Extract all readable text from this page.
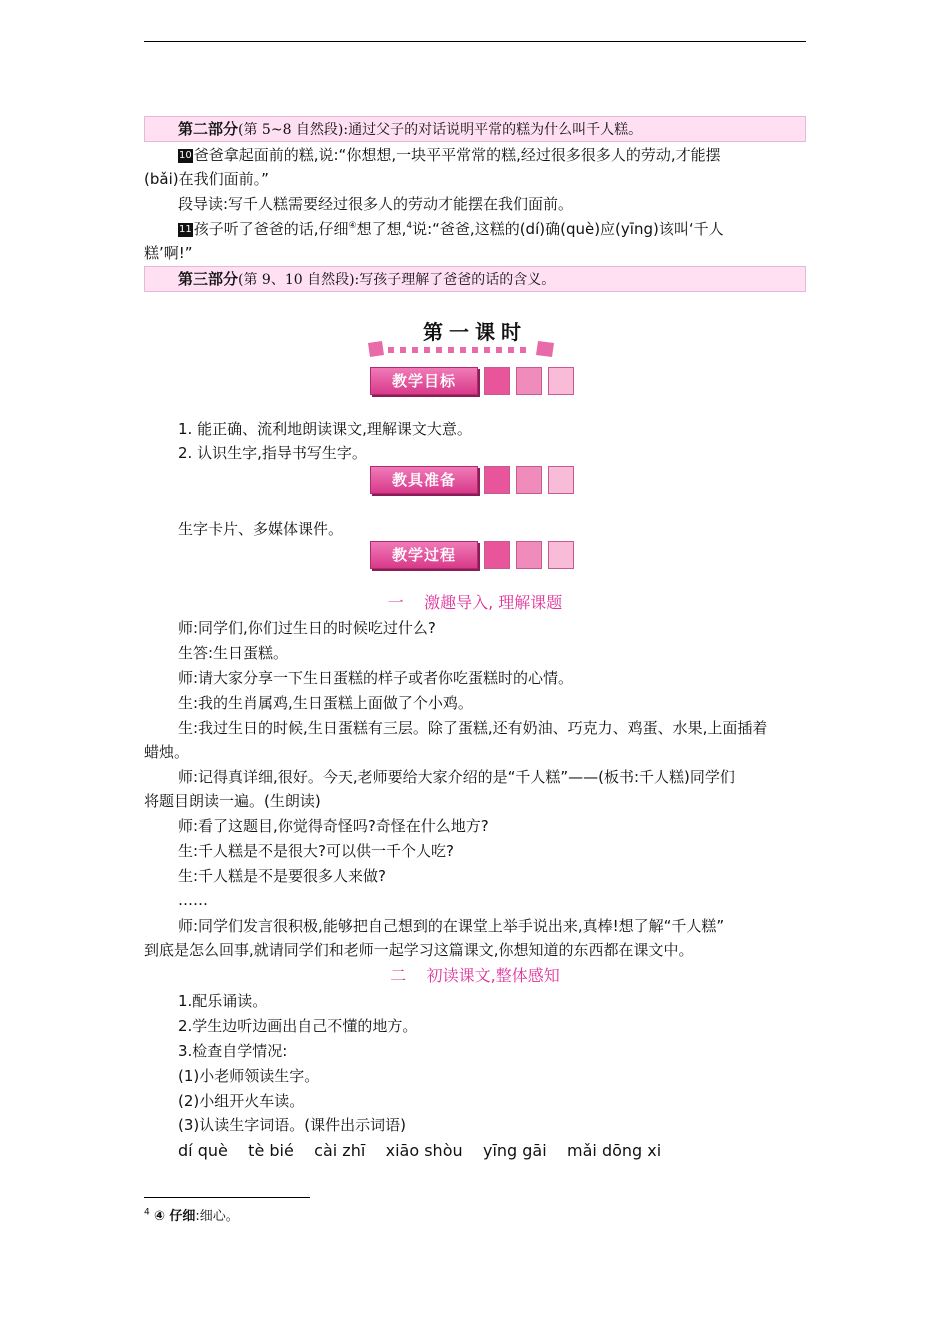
第二部分(第 5~8 自然段):通过父子的对话说明平常的糕为什么叫千人糕。
10 爸爸拿起面前的糕,说:“你想想,一块平平常常的糕,经过很多很多人的劳动,才能摆
(bǎi)在我们面前。”
段导读:写千人糕需要经过很多人的劳动才能摆在我们面前。
11 孩子听了爸爸的话,仔细④想了想,$^4$说:“爸爸,这糕的(dí)确(què)应(yīng)该叫‘千人
糕’啊!”
第三部分(第 9、10 自然段):写孩子理解了爸爸的话的含义。
第一课时
教学目标
1. 能正确、流利地朗读课文,理解课文大意。
2. 认识生字,指导书写生字。
教具准备
生字卡片、多媒体课件。
教学过程
一    激趣导入, 理解课题
师:同学们,你们过生日的时候吃过什么?
生答:生日蛋糕。
师:请大家分享一下生日蛋糕的样子或者你吃蛋糕时的心情。
生:我的生肖属鸡,生日蛋糕上面做了个小鸡。
生:我过生日的时候,生日蛋糕有三层。除了蛋糕,还有奶油、巧克力、鸡蛋、水果,上面插着
蜡烛。
师:记得真详细,很好。今天,老师要给大家介绍的是“千人糕”——(板书:千人糕)同学们
将题目朗读一遍。(生朗读)
师:看了这题目,你觉得奇怪吗?奇怪在什么地方?
生:千人糕是不是很大?可以供一千个人吃?
生:千人糕是不是要很多人来做?
……
师:同学们发言很积极,能够把自己想到的在课堂上举手说出来,真棒!想了解“千人糕”
到底是怎么回事,就请同学们和老师一起学习这篇课文,你想知道的东西都在课文中。
二    初读课文,整体感知
1.配乐诵读。
2.学生边听边画出自己不懂的地方。
3.检查自学情况:
(1)小老师领读生字。
(2)小组开火车读。
(3)认读生字词语。(课件出示词语)
dí què    tè bié    cài zhī    xiāo shòu    yīng gāi    mǎi dōng xi
$^4$ ④ 仔细:细心。
